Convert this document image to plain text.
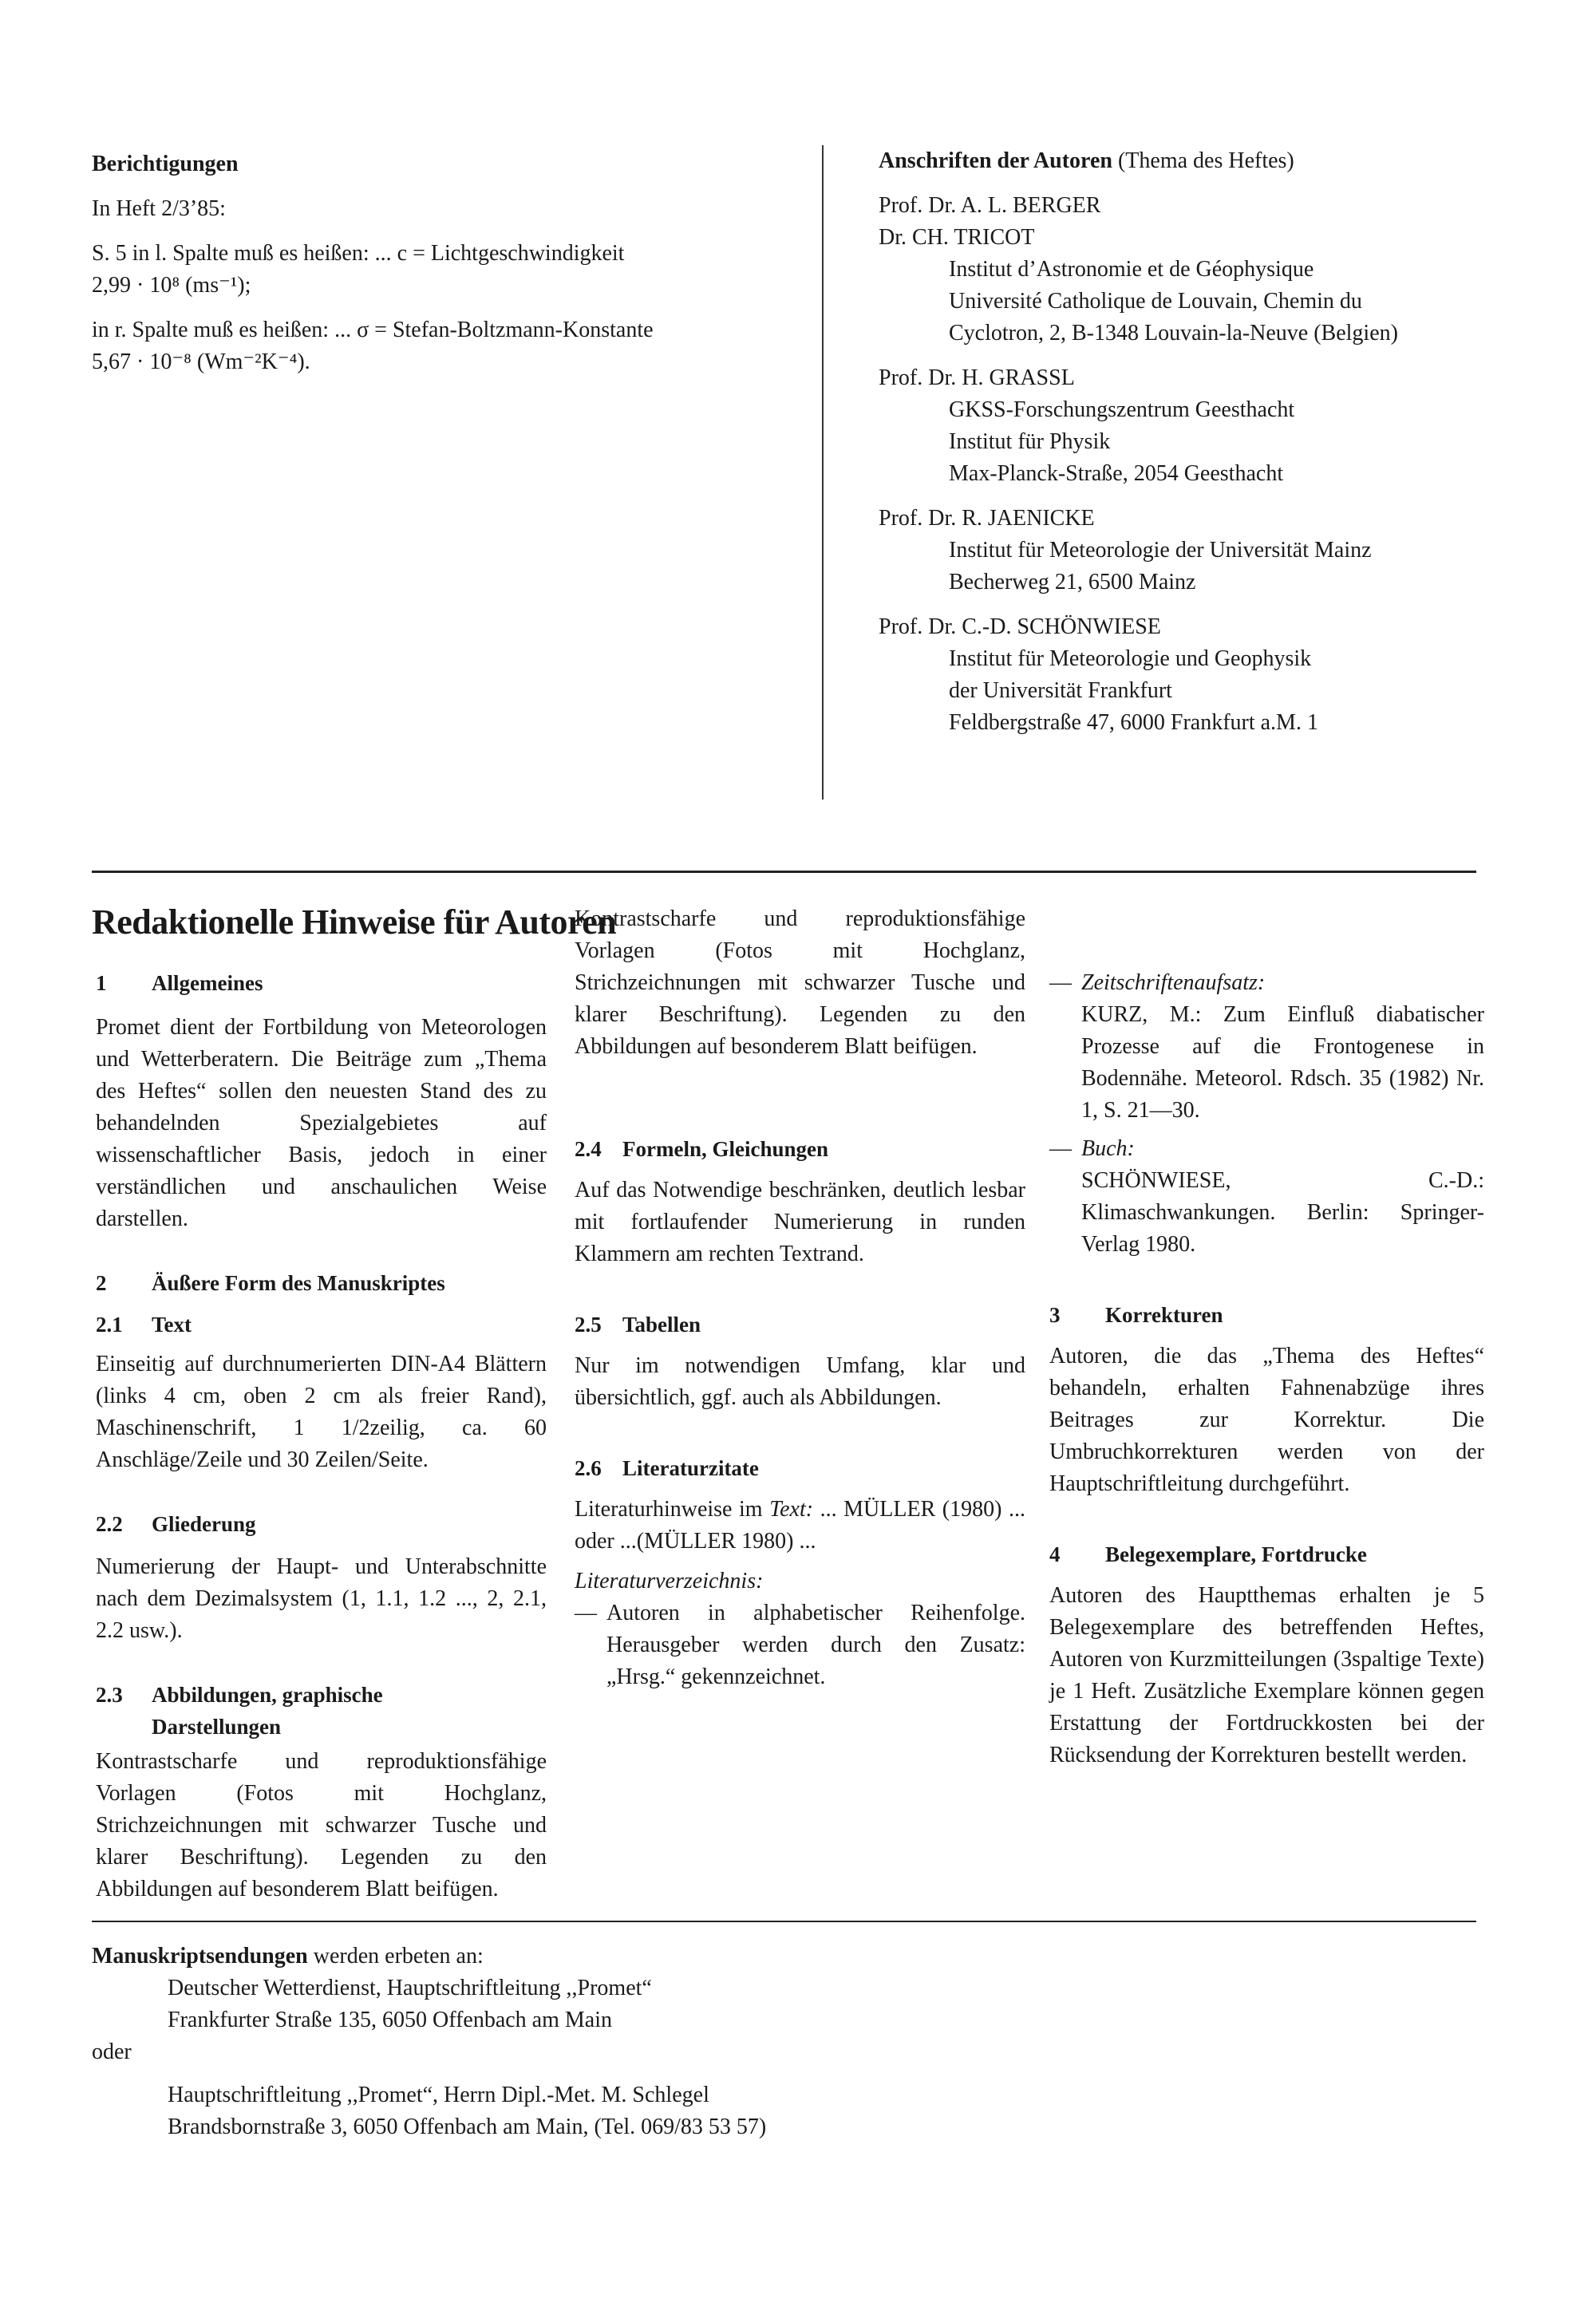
Berichtigungen

In Heft 2/3’85:

S. 5 in l. Spalte muß es heißen: ... c = Lichtgeschwindigkeit

2,99 · 10⁸ (ms⁻¹);

in r. Spalte muß es heißen: ... σ = Stefan-Boltzmann-Konstante

5,67 · 10⁻⁸ (Wm⁻²K⁻⁴).

Anschriften der Autoren (Thema des Heftes)

Prof. Dr. A. L. BERGER

Dr. CH. TRICOT

Institut d’Astronomie et de Géophysique

Université Catholique de Louvain, Chemin du

Cyclotron, 2, B-1348 Louvain-la-Neuve (Belgien)

Prof. Dr. H. GRASSL

GKSS-Forschungszentrum Geesthacht

Institut für Physik

Max-Planck-Straße, 2054 Geesthacht

Prof. Dr. R. JAENICKE

Institut für Meteorologie der Universität Mainz

Becherweg 21, 6500 Mainz

Prof. Dr. C.-D. SCHÖNWIESE

Institut für Meteorologie und Geophysik

der Universität Frankfurt

Feldbergstraße 47, 6000 Frankfurt a.M. 1

Redaktionelle Hinweise für Autoren

1 Allgemeines

Promet dient der Fortbildung von Meteorologen und Wetterberatern. Die Beiträge zum „Thema des Heftes“ sollen den neuesten Stand des zu behandelnden Spezialgebietes auf wissenschaftlicher Basis, jedoch in einer verständlichen und anschaulichen Weise darstellen.

2 Äußere Form des Manuskriptes

2.1 Text

Einseitig auf durchnumerierten DIN-A4 Blättern (links 4 cm, oben 2 cm als freier Rand), Maschinenschrift, 1 1/2zeilig, ca. 60 Anschläge/Zeile und 30 Zeilen/Seite.

2.2 Gliederung

Numerierung der Haupt- und Unterabschnitte nach dem Dezimalsystem (1, 1.1, 1.2 ..., 2, 2.1, 2.2 usw.).

2.3 Abbildungen, graphische

Darstellungen

Kontrastscharfe und reproduktionsfähige Vorlagen (Fotos mit Hochglanz, Strichzeichnungen mit schwarzer Tusche und klarer Beschriftung). Legenden zu den Abbildungen auf besonderem Blatt beifügen.

Kontrastscharfe und reproduktionsfähige Vorlagen (Fotos mit Hochglanz, Strichzeichnungen mit schwarzer Tusche und klarer Beschriftung). Legenden zu den Abbildungen auf besonderem Blatt beifügen.

2.4 Formeln, Gleichungen

Auf das Notwendige beschränken, deutlich lesbar mit fortlaufender Numerierung in runden Klammern am rechten Textrand.

2.5 Tabellen

Nur im notwendigen Umfang, klar und übersichtlich, ggf. auch als Abbildungen.

2.6 Literaturzitate

Literaturhinweise im Text: ... MÜLLER (1980) ... oder ...(MÜLLER 1980) ...

Literaturverzeichnis:

— Autoren in alphabetischer Reihenfolge. Herausgeber werden durch den Zusatz: „Hrsg.“ gekennzeichnet.

— Zeitschriftenaufsatz:

KURZ, M.: Zum Einfluß diabatischer Prozesse auf die Frontogenese in Bodennähe. Meteorol. Rdsch. 35 (1982) Nr. 1, S. 21—30.

— Buch:

SCHÖNWIESE, C.-D.: Klimaschwankungen. Berlin: Springer-Verlag 1980.

3 Korrekturen

Autoren, die das „Thema des Heftes“ behandeln, erhalten Fahnenabzüge ihres Beitrages zur Korrektur. Die Umbruchkorrekturen werden von der Hauptschriftleitung durchgeführt.

4 Belegexemplare, Fortdrucke

Autoren des Hauptthemas erhalten je 5 Belegexemplare des betreffenden Heftes, Autoren von Kurzmitteilungen (3spaltige Texte) je 1 Heft. Zusätzliche Exemplare können gegen Erstattung der Fortdruckkosten bei der Rücksendung der Korrekturen bestellt werden.

Manuskriptsendungen werden erbeten an:

Deutscher Wetterdienst, Hauptschriftleitung ,,Promet“

Frankfurter Straße 135, 6050 Offenbach am Main

oder

Hauptschriftleitung ,,Promet“, Herrn Dipl.-Met. M. Schlegel

Brandsbornstraße 3, 6050 Offenbach am Main, (Tel. 069/83 53 57)
